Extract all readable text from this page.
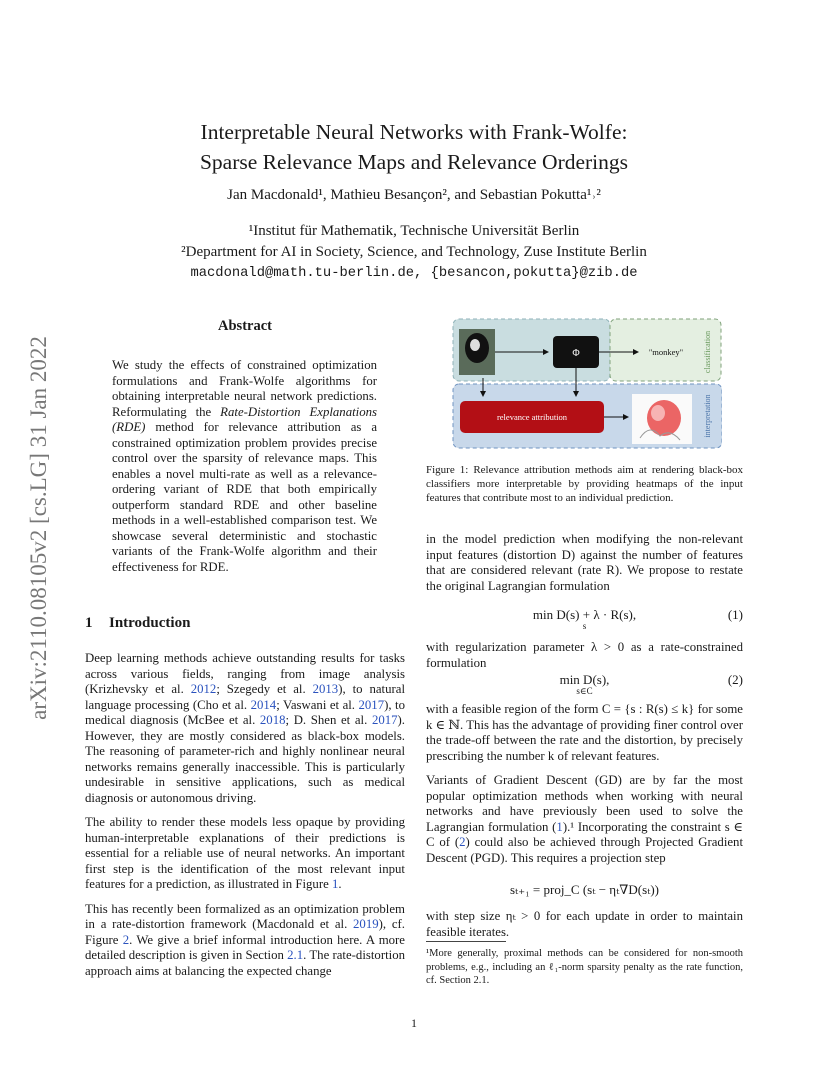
arXiv:2110.08105v2 [cs.LG] 31 Jan 2022
Interpretable Neural Networks with Frank-Wolfe:
Sparse Relevance Maps and Relevance Orderings
Jan Macdonald¹, Mathieu Besançon², and Sebastian Pokutta¹˒²
¹Institut für Mathematik, Technische Universität Berlin
²Department for AI in Society, Science, and Technology, Zuse Institute Berlin
macdonald@math.tu-berlin.de, {besancon,pokutta}@zib.de
Abstract
We study the effects of constrained optimization formulations and Frank-Wolfe algorithms for obtaining interpretable neural network predictions. Reformulating the Rate-Distortion Explanations (RDE) method for relevance attribution as a constrained optimization problem provides precise control over the sparsity of relevance maps. This enables a novel multi-rate as well as a relevance-ordering variant of RDE that both empirically outperform standard RDE and other baseline methods in a well-established comparison test. We showcase several deterministic and stochastic variants of the Frank-Wolfe algorithm and their effectiveness for RDE.
1 Introduction

Deep learning methods achieve outstanding results for tasks across various fields, ranging from image analysis (Krizhevsky et al. 2012; Szegedy et al. 2013), to natural language processing (Cho et al. 2014; Vaswani et al. 2017), to medical diagnosis (McBee et al. 2018; D. Shen et al. 2017). However, they are mostly considered as black-box models. The reasoning of parameter-rich and highly nonlinear neural networks remains generally inaccessible. This is particularly undesirable in sensitive applications, such as medical diagnosis or autonomous driving.

The ability to render these models less opaque by providing human-interpretable explanations of their predictions is essential for a reliable use of neural networks. An important first step is the identification of the most relevant input features for a prediction, as illustrated in Figure 1.

This has recently been formalized as an optimization problem in a rate-distortion framework (Macdonald et al. 2019), cf. Figure 2. We give a brief informal introduction here. A more detailed description is given in Section 2.1. The rate-distortion approach aims at balancing the expected change

Φ	"monkey"
relevance attribution
classification
interpretation
Figure 1: Relevance attribution methods aim at rendering black-box classifiers more interpretable by providing heatmaps of the input features that contribute most to an individual prediction.
in the model prediction when modifying the non-relevant input features (distortion D) against the number of features that are considered relevant (rate R). We propose to restate the original Lagrangian formulation
min D(s) + λ · R(s),
s
(1)
with regularization parameter λ > 0 as a rate-constrained formulation
min D(s),
s∈C
(2)
with a feasible region of the form C = {s : R(s) ≤ k} for some k ∈ ℕ. This has the advantage of providing finer control over the trade-off between the rate and the distortion, by precisely prescribing the number k of relevant features.
Variants of Gradient Descent (GD) are by far the most popular optimization methods when working with neural networks and have previously been used to solve the Lagrangian formulation (1).¹ Incorporating the constraint s ∈ C of (2) could also be achieved through Projected Gradient Descent (PGD). This requires a projection step
sₜ₊₁ = proj_C (sₜ − ηₜ∇D(sₜ))
with step size ηₜ > 0 for each update in order to maintain feasible iterates.
¹More generally, proximal methods can be considered for non-smooth problems, e.g., including an ℓ₁-norm sparsity penalty as the rate function, cf. Section 2.1.
1
